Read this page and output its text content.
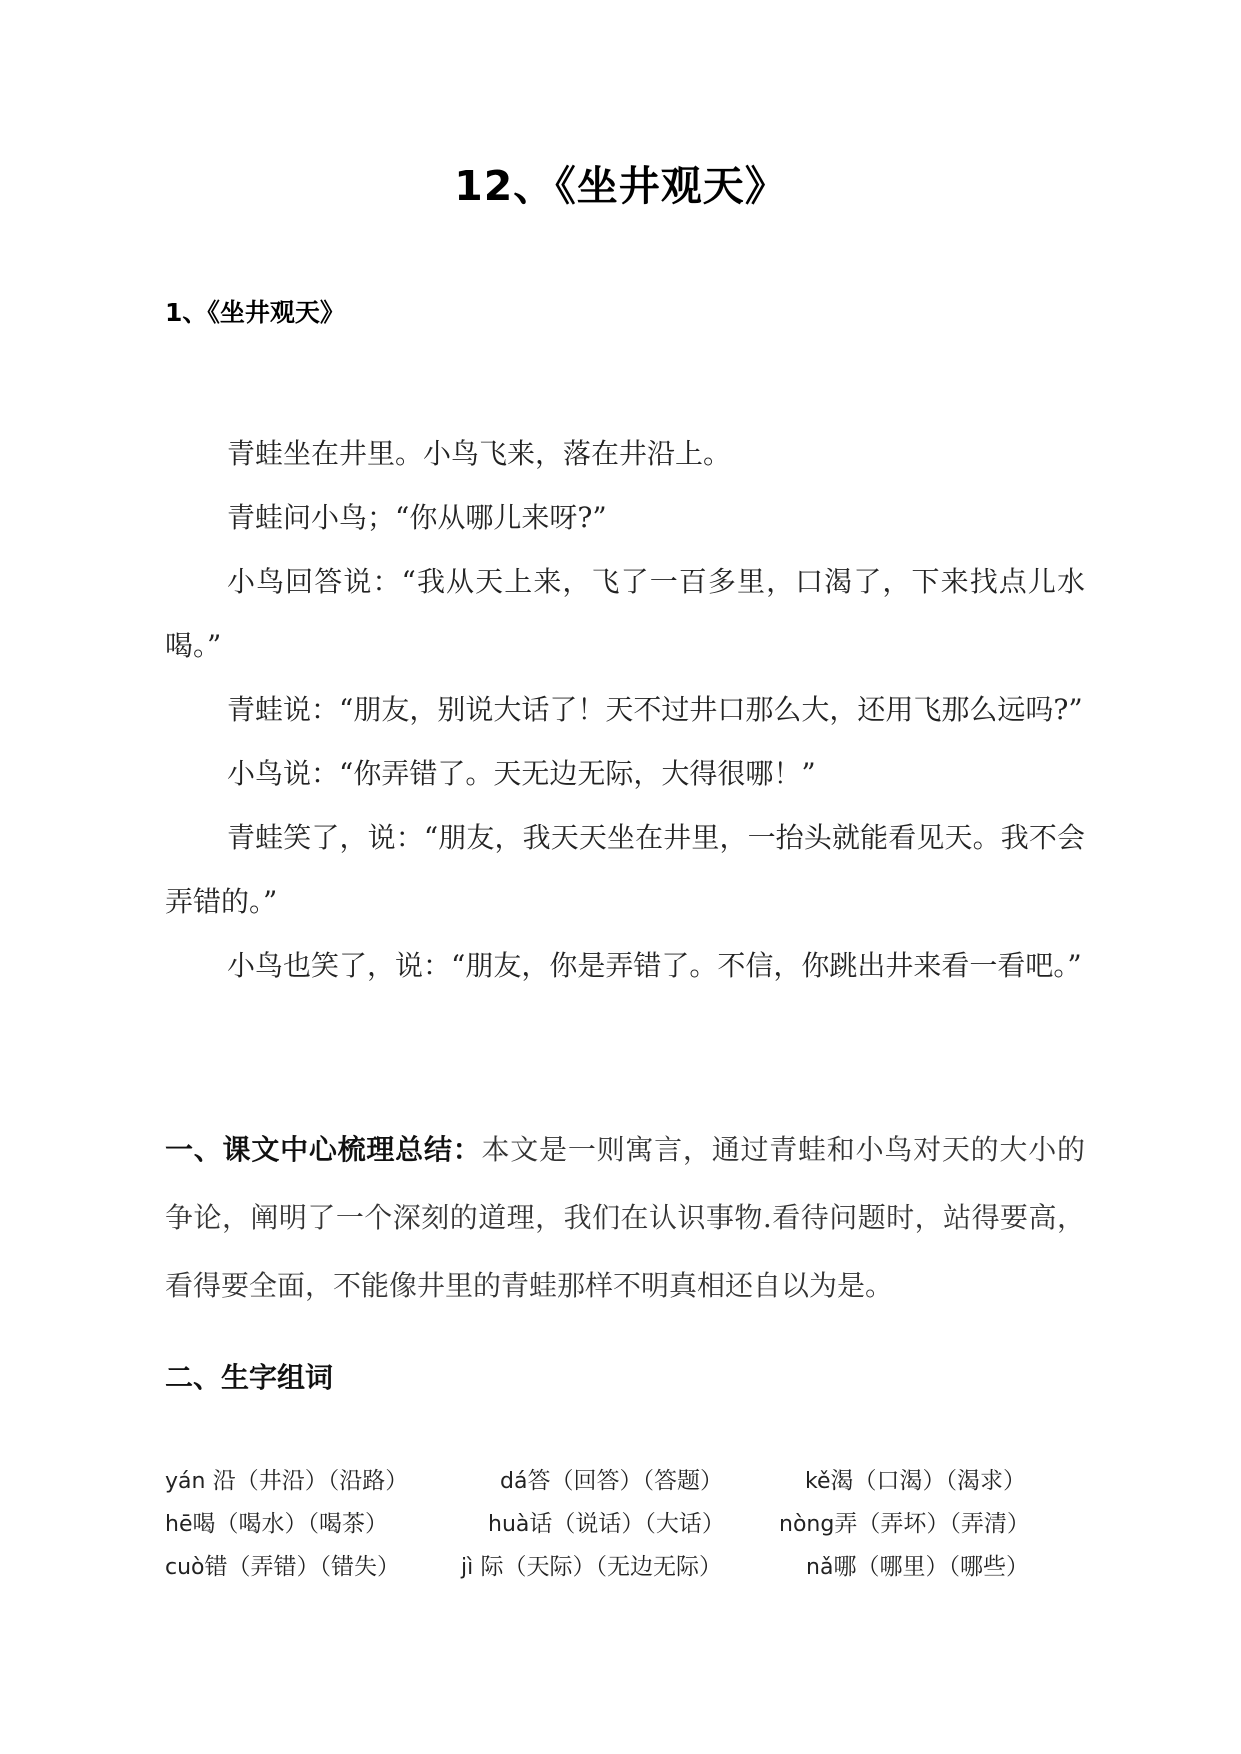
12、《坐井观天》
1、《坐井观天》

青蛙坐在井里。小鸟飞来，落在井沿上。

青蛙问小鸟；“你从哪儿来呀?”

小鸟回答说：“我从天上来，飞了一百多里，口渴了，下来找点儿水喝。”

青蛙说：“朋友，别说大话了！天不过井口那么大，还用飞那么远吗?”

小鸟说：“你弄错了。天无边无际，大得很哪！”

青蛙笑了，说：“朋友，我天天坐在井里，一抬头就能看见天。我不会弄错的。”

小鸟也笑了，说：“朋友，你是弄错了。不信，你跳出井来看一看吧。”

一、课文中心梳理总结：本文是一则寓言，通过青蛙和小鸟对天的大小的争论，阐明了一个深刻的道理，我们在认识事物.看待问题时，站得要高，看得要全面，不能像井里的青蛙那样不明真相还自以为是。
二、生字组词
yán 沿（井沿）（沿路）	dá答（回答）（答题）	kě渴（口渴）（渴求）
hē喝（喝水）（喝茶）	huà话（说话）（大话） nòng弄（弄坏）（弄清）
cuò错（弄错）（错失）	jì 际（天际）（无边无际）	nǎ哪（哪里）（哪些）
